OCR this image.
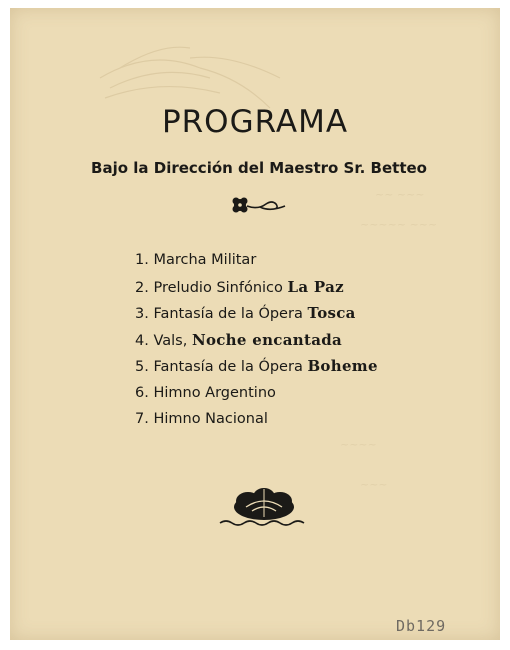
~~ ~~~
~~~~~ ~~~
~~~~
~~~
PROGRAMA
Bajo la Dirección del Maestro Sr. Betteo
1. Marcha Militar
2. Preludio Sinfónico La Paz
3. Fantasía de la Ópera Tosca
4. Vals, Noche encantada
5. Fantasía de la Ópera Boheme
6. Himno Argentino
7. Himno Nacional
Db129
